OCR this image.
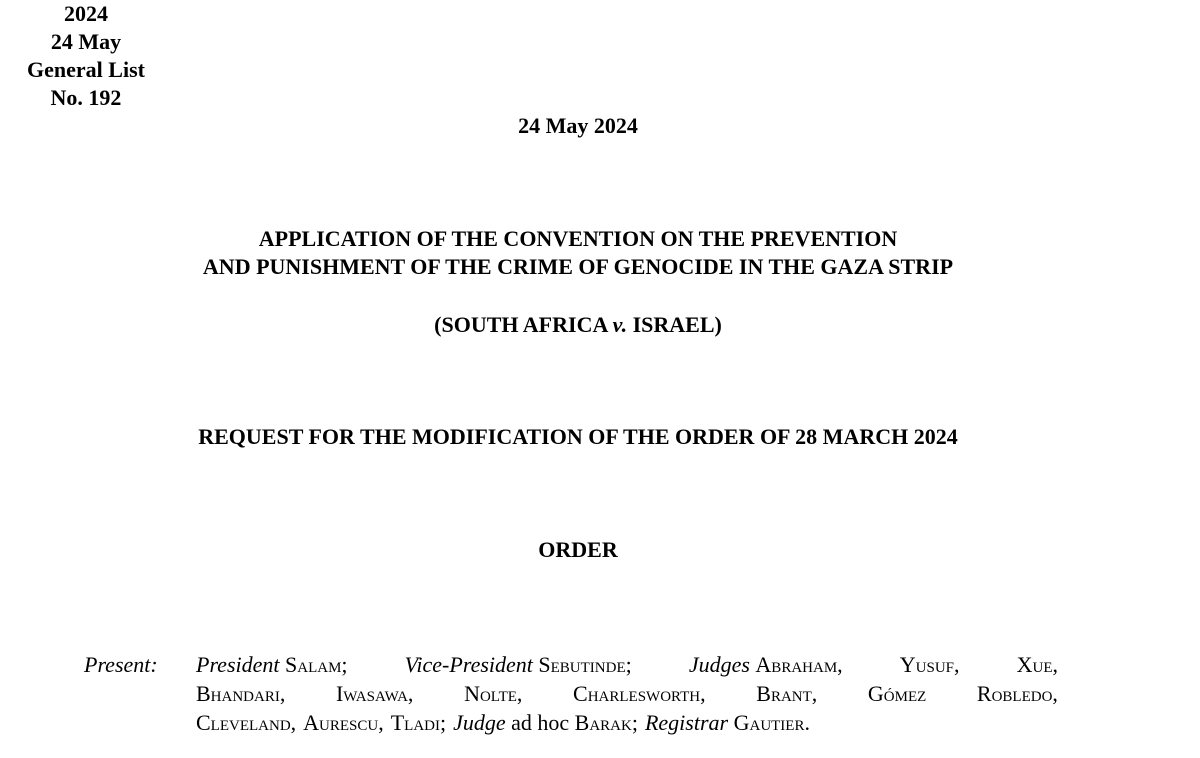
2024
24 May
General List
No. 192
24 May 2024
APPLICATION OF THE CONVENTION ON THE PREVENTION
AND PUNISHMENT OF THE CRIME OF GENOCIDE IN THE GAZA STRIP
(SOUTH AFRICA v. ISRAEL)
REQUEST FOR THE MODIFICATION OF THE ORDER OF 28 MARCH 2024
ORDER
Present: President Salam;	Vice-President Sebutinde;	Judges Abraham,	Yusuf,	Xue,
Bhandari, Iwasawa, Nolte, Charlesworth, Brant, Gómez Robledo,
Cleveland, Aurescu, Tladi; Judge ad hoc Barak; Registrar Gautier.
